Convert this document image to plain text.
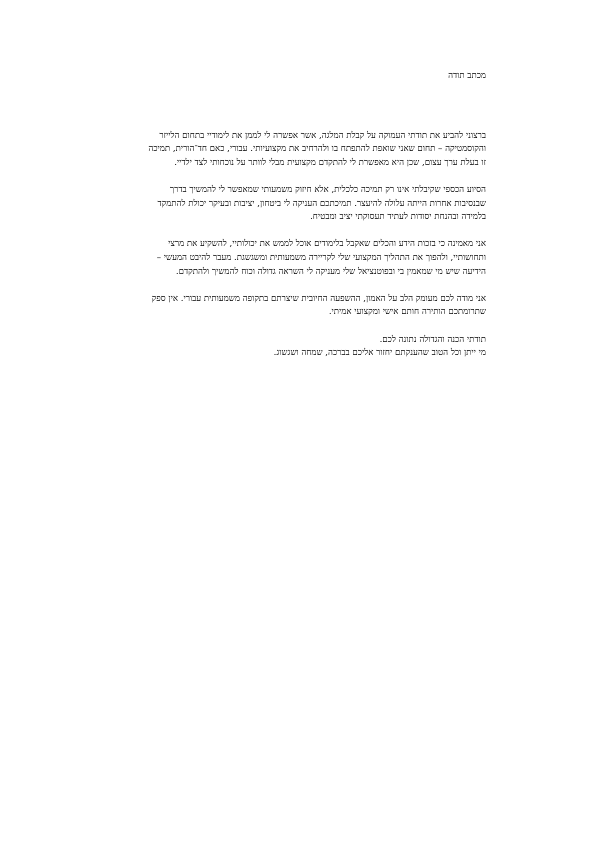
מכתב תודה
ברצוני להביע את תודתי העמוקה על קבלת המלגה, אשר אפשרה לי לממן את לימודיי בתחום הלייזר
והקוסמטיקה – תחום שאני שואפת להתפתח בו ולהרחיב את מקצועיותי. עבורי, כאם חד־הורית, תמיכה
זו בעלת ערך עצום, שכן היא מאפשרת לי להתקדם מקצועית מבלי לוותר על נוכחותי לצד ילדיי.
הסיוע הכספי שקיבלתי אינו רק תמיכה כלכלית, אלא חיזוק משמעותי שמאפשר לי להמשיך בדרך
שבנסיבות אחרות הייתה עלולה להיעצר. תמיכתכם העניקה לי ביטחון, יציבות ובעיקר יכולת להתמקד
בלמידה ובהנחת יסודות לעתיד תעסוקתי יציב ומבטיח.
אני מאמינה כי בזכות הידע והכלים שאקבל בלימודים אוכל לממש את יכולותיי, להשקיע את מרצי
ותחושותיי, ולהפוך את התהליך המקצועי שלי לקריירה משמעותית ומשגשגת. מעבר להיבט המעשי –
הידיעה שיש מי שמאמין בי ובפוטנציאל שלי מעניקה לי השראה גדולה וכוח להמשיך ולהתקדם.
אני מודה לכם מעומק הלב על האמון, ההשפעה החיובית שיצרתם בתקופה משמעותית עבורי. אין ספק
שתרומתכם הותירה חותם אישי ומקצועי אמיתי.
תודתי הכנה והגדולה נתונה לכם.
מי ייתן וכל הטוב שהענקתם יחזור אליכם בברכה, שמחה ושגשוג.
